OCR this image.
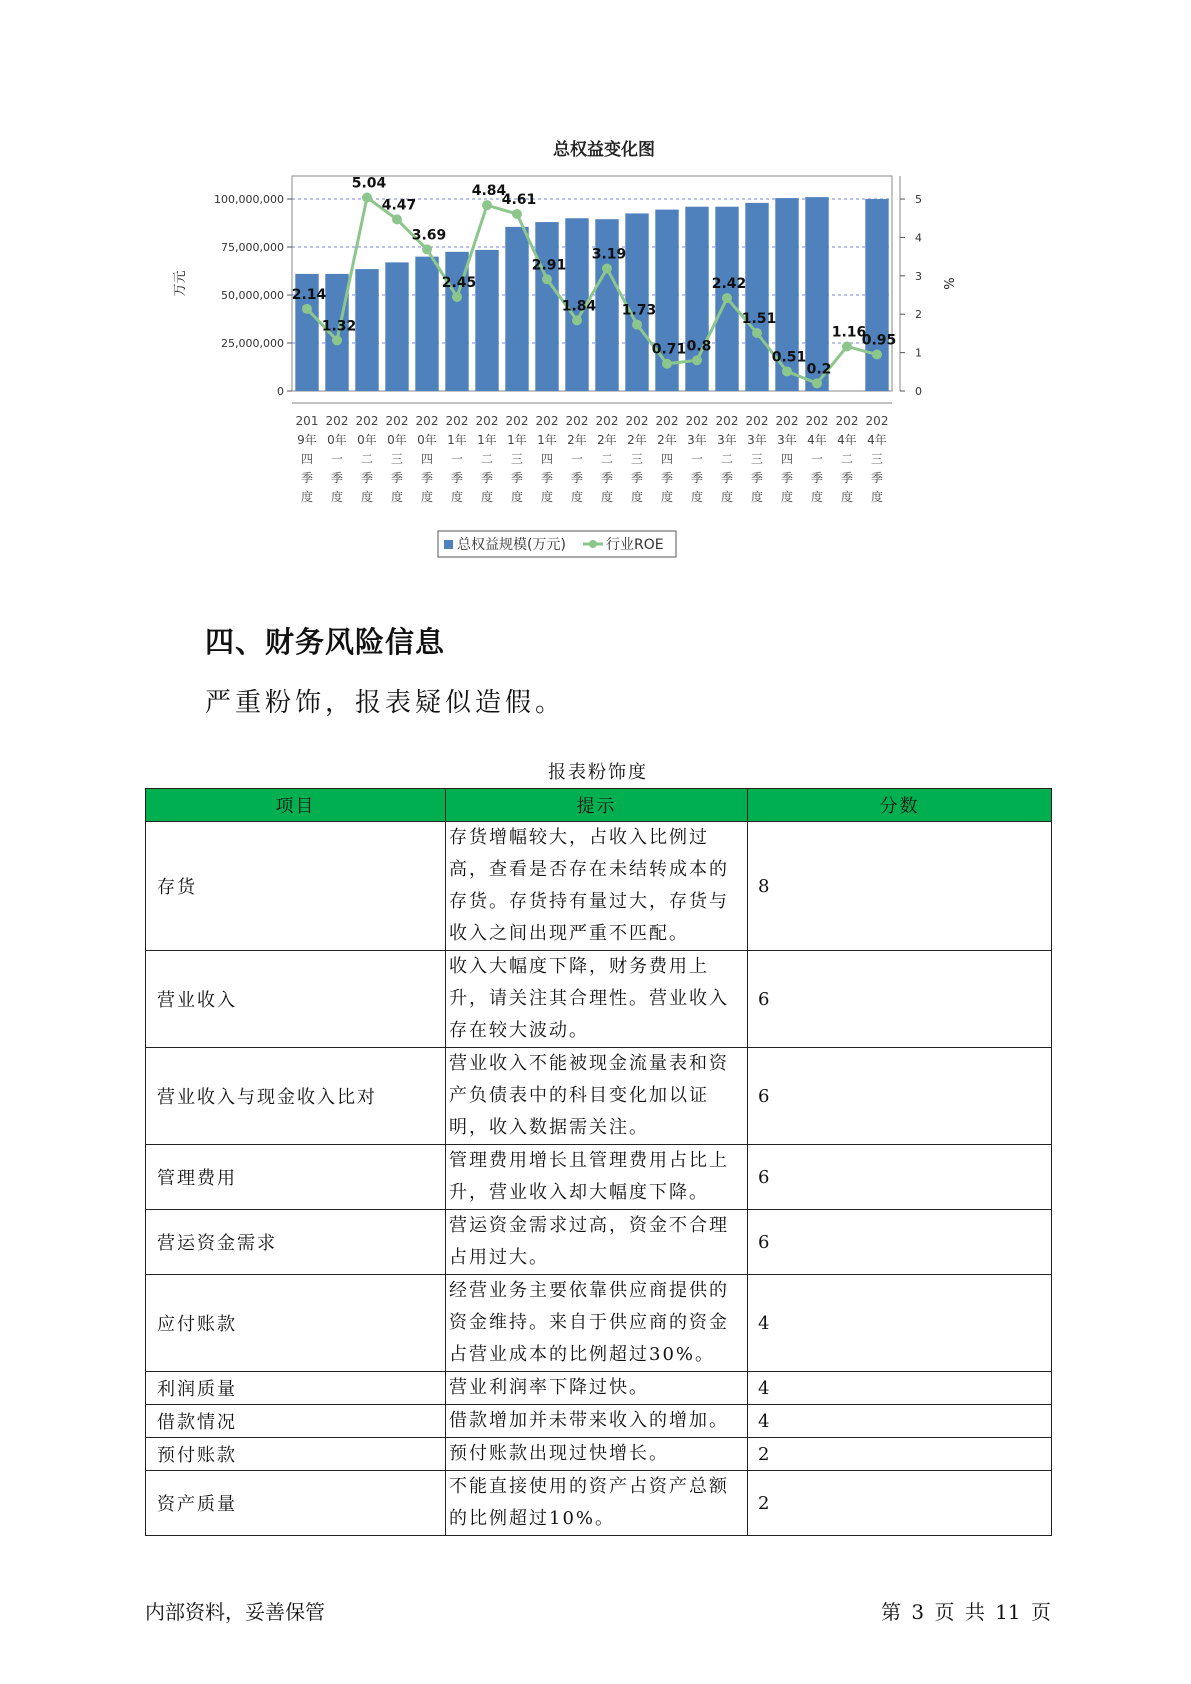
总权益变化图
0
25,000,000
50,000,000
75,000,000
100,000,000
0
1
2
3
4
5
万元	%
2.14
1.32
5.04
4.47
3.69
2.45
4.84
4.61
2.91
1.84
3.19
1.73
0.71 0.8
2.42
1.51
0.51
0.2
1.16
0.95
201
9年
四
季
度
202
0年
一
季
度
202
0年
二
季
度
202
0年
三
季
度
202
0年
四
季
度
202
1年
一
季
度
202
1年
二
季
度
202
1年
三
季
度
202
1年
四
季
度
202
2年
一
季
度
202
2年
二
季
度
202
2年
三
季
度
202
2年
四
季
度
202
3年
一
季
度
202
3年
二
季
度
202
3年
三
季
度
202
3年
四
季
度
202
4年
一
季
度
202
4年
二
季
度
202
4年
三
季
度
总权益规模(万元)	行业ROE
四、财务风险信息

严重粉饰，报表疑似造假。

报表粉饰度
项目	提示	分数
存货	存货增幅较大，占收入比例过高，查看是否存在未结转成本的存货。存货持有量过大，存货与收入之间出现严重不匹配。	8
营业收入	收入大幅度下降，财务费用上升，请关注其合理性。营业收入存在较大波动。	6
营业收入与现金收入比对	营业收入不能被现金流量表和资产负债表中的科目变化加以证明，收入数据需关注。	6
管理费用	管理费用增长且管理费用占比上升，营业收入却大幅度下降。	6
营运资金需求	营运资金需求过高，资金不合理占用过大。	6
应付账款	经营业务主要依靠供应商提供的资金维持。来自于供应商的资金占营业成本的比例超过30%。	4
利润质量	营业利润率下降过快。	4
借款情况	借款增加并未带来收入的增加。	4
预付账款	预付账款出现过快增长。	2
资产质量	不能直接使用的资产占资产总额的比例超过10%。	2
内部资料，妥善保管	第 3 页 共 11 页
